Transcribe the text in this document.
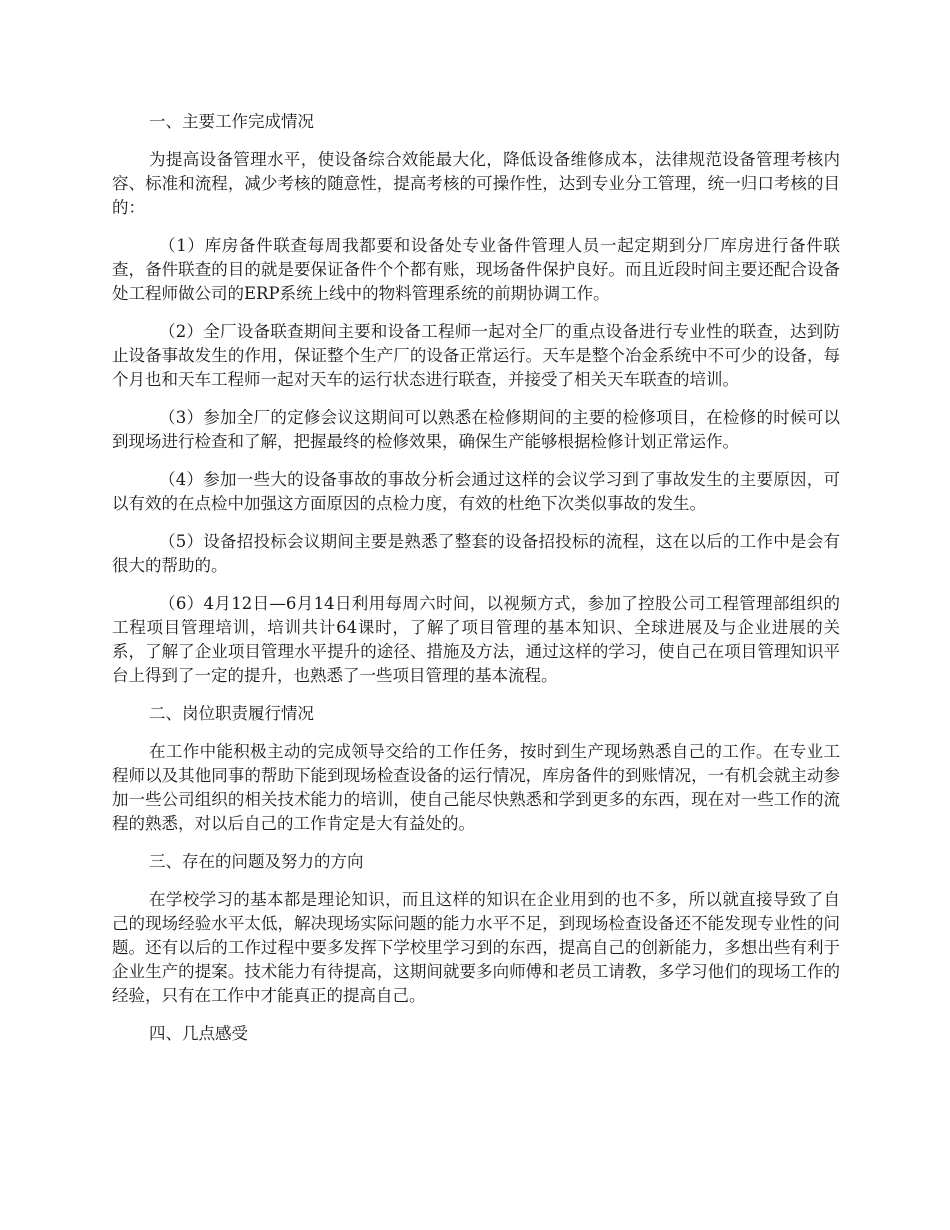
一、主要工作完成情况

为提高设备管理水平，使设备综合效能最大化，降低设备维修成本，法律规范设备管理考核内容、标准和流程，减少考核的随意性，提高考核的可操作性，达到专业分工管理，统一归口考核的目的：

（1）库房备件联查每周我都要和设备处专业备件管理人员一起定期到分厂库房进行备件联查，备件联查的目的就是要保证备件个个都有账，现场备件保护良好。而且近段时间主要还配合设备处工程师做公司的ERP系统上线中的物料管理系统的前期协调工作。

（2）全厂设备联查期间主要和设备工程师一起对全厂的重点设备进行专业性的联查，达到防止设备事故发生的作用，保证整个生产厂的设备正常运行。天车是整个冶金系统中不可少的设备，每个月也和天车工程师一起对天车的运行状态进行联查，并接受了相关天车联查的培训。

（3）参加全厂的定修会议这期间可以熟悉在检修期间的主要的检修项目，在检修的时候可以到现场进行检查和了解，把握最终的检修效果，确保生产能够根据检修计划正常运作。

（4）参加一些大的设备事故的事故分析会通过这样的会议学习到了事故发生的主要原因，可以有效的在点检中加强这方面原因的点检力度，有效的杜绝下次类似事故的发生。

（5）设备招投标会议期间主要是熟悉了整套的设备招投标的流程，这在以后的工作中是会有很大的帮助的。

（6）4月12日—6月14日利用每周六时间，以视频方式，参加了控股公司工程管理部组织的工程项目管理培训，培训共计64课时，了解了项目管理的基本知识、全球进展及与企业进展的关系，了解了企业项目管理水平提升的途径、措施及方法，通过这样的学习，使自己在项目管理知识平台上得到了一定的提升，也熟悉了一些项目管理的基本流程。

二、岗位职责履行情况

在工作中能积极主动的完成领导交给的工作任务，按时到生产现场熟悉自己的工作。在专业工程师以及其他同事的帮助下能到现场检查设备的运行情况，库房备件的到账情况，一有机会就主动参加一些公司组织的相关技术能力的培训，使自己能尽快熟悉和学到更多的东西，现在对一些工作的流程的熟悉，对以后自己的工作肯定是大有益处的。

三、存在的问题及努力的方向

在学校学习的基本都是理论知识，而且这样的知识在企业用到的也不多，所以就直接导致了自己的现场经验水平太低，解决现场实际问题的能力水平不足，到现场检查设备还不能发现专业性的问题。还有以后的工作过程中要多发挥下学校里学习到的东西，提高自己的创新能力，多想出些有利于企业生产的提案。技术能力有待提高，这期间就要多向师傅和老员工请教，多学习他们的现场工作的经验，只有在工作中才能真正的提高自己。

四、几点感受
